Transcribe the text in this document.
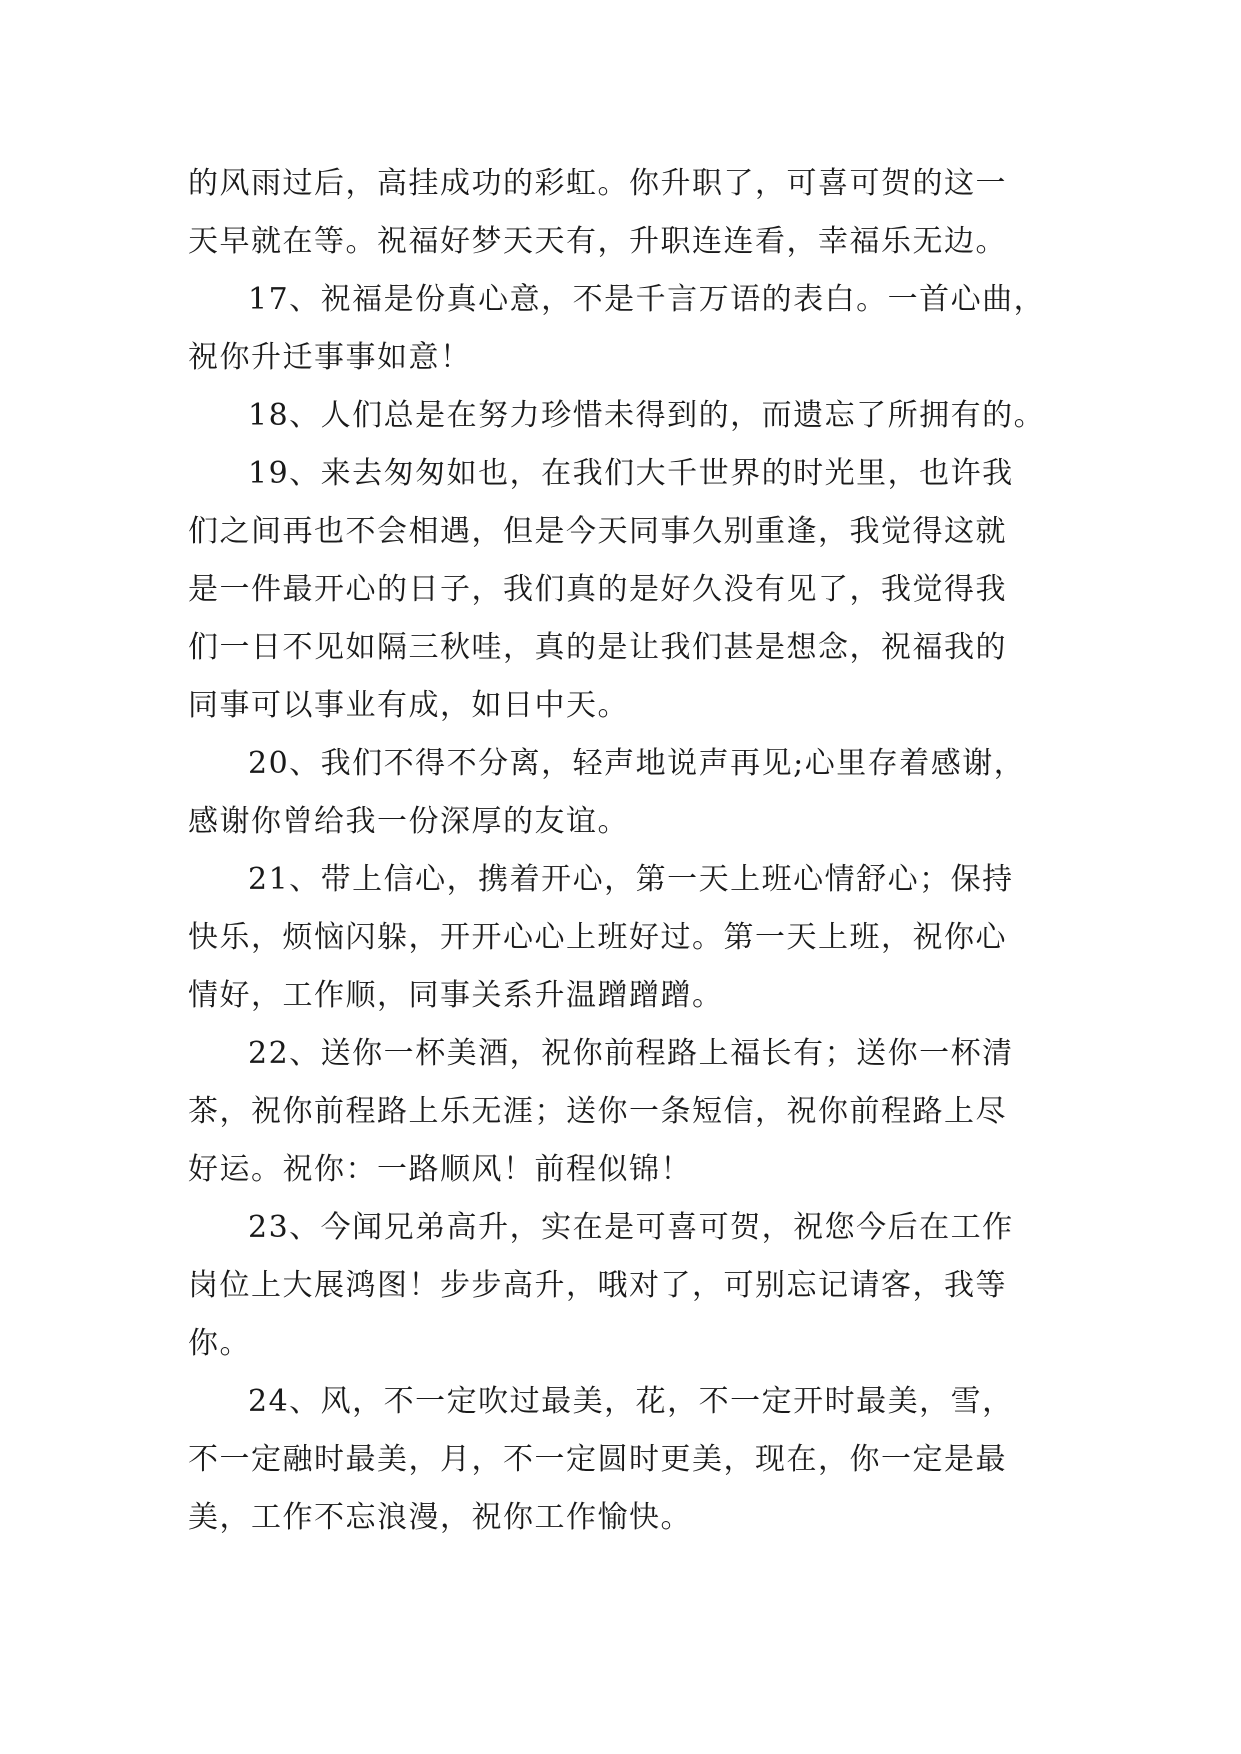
的风雨过后，高挂成功的彩虹。你升职了，可喜可贺的这一
天早就在等。祝福好梦天天有，升职连连看，幸福乐无边。
17、祝福是份真心意，不是千言万语的表白。一首心曲，
祝你升迁事事如意！
18、人们总是在努力珍惜未得到的，而遗忘了所拥有的。
19、来去匆匆如也，在我们大千世界的时光里，也许我
们之间再也不会相遇，但是今天同事久别重逢，我觉得这就
是一件最开心的日子，我们真的是好久没有见了，我觉得我
们一日不见如隔三秋哇，真的是让我们甚是想念，祝福我的
同事可以事业有成，如日中天。
20、我们不得不分离，轻声地说声再见;心里存着感谢，
感谢你曾给我一份深厚的友谊。
21、带上信心，携着开心，第一天上班心情舒心；保持
快乐，烦恼闪躲，开开心心上班好过。第一天上班，祝你心
情好，工作顺，同事关系升温蹭蹭蹭。
22、送你一杯美酒，祝你前程路上福长有；送你一杯清
茶，祝你前程路上乐无涯；送你一条短信，祝你前程路上尽
好运。祝你：一路顺风！前程似锦！
23、今闻兄弟高升，实在是可喜可贺，祝您今后在工作
岗位上大展鸿图！步步高升，哦对了，可别忘记请客，我等
你。
24、风，不一定吹过最美，花，不一定开时最美，雪，
不一定融时最美，月，不一定圆时更美，现在，你一定是最
美，工作不忘浪漫，祝你工作愉快。
